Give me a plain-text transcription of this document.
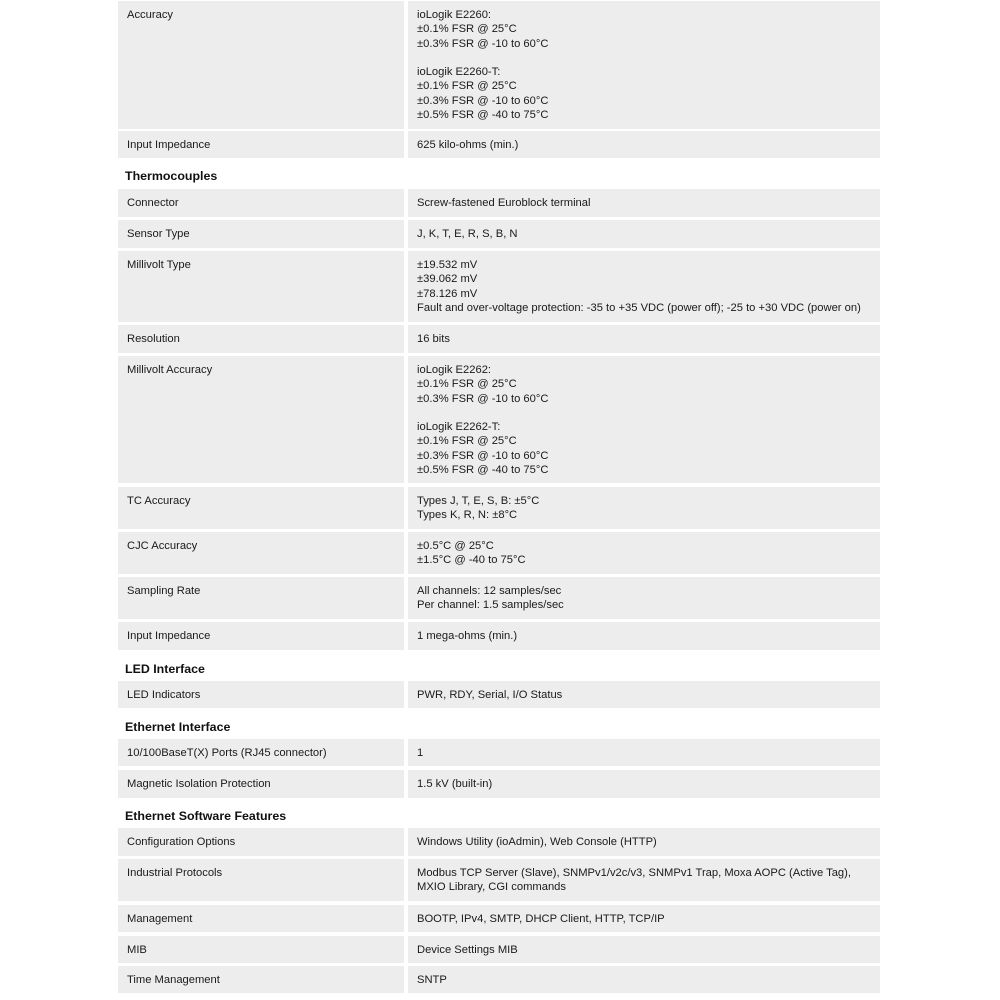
Accuracy	ioLogik E2260:
±0.1% FSR @ 25°C
±0.3% FSR @ -10 to 60°C
ioLogik E2260-T:
±0.1% FSR @ 25°C
±0.3% FSR @ -10 to 60°C
±0.5% FSR @ -40 to 75°C
Input Impedance	625 kilo-ohms (min.)
Thermocouples
Connector	Screw-fastened Euroblock terminal
Sensor Type	J, K, T, E, R, S, B, N
Millivolt Type	±19.532 mV
±39.062 mV
±78.126 mV
Fault and over-voltage protection: -35 to +35 VDC (power off); -25 to +30 VDC (power on)
Resolution	16 bits
Millivolt Accuracy	ioLogik E2262:
±0.1% FSR @ 25°C
±0.3% FSR @ -10 to 60°C
ioLogik E2262-T:
±0.1% FSR @ 25°C
±0.3% FSR @ -10 to 60°C
±0.5% FSR @ -40 to 75°C
TC Accuracy	Types J, T, E, S, B: ±5°C
Types K, R, N: ±8°C
CJC Accuracy	±0.5°C @ 25°C
±1.5°C @ -40 to 75°C
Sampling Rate	All channels: 12 samples/sec
Per channel: 1.5 samples/sec
Input Impedance	1 mega-ohms (min.)
LED Interface
LED Indicators	PWR, RDY, Serial, I/O Status
Ethernet Interface
10/100BaseT(X) Ports (RJ45 connector)	1
Magnetic Isolation Protection	1.5 kV (built-in)
Ethernet Software Features
Configuration Options	Windows Utility (ioAdmin), Web Console (HTTP)
Industrial Protocols	Modbus TCP Server (Slave), SNMPv1/v2c/v3, SNMPv1 Trap, Moxa AOPC (Active Tag),
MXIO Library, CGI commands
Management	BOOTP, IPv4, SMTP, DHCP Client, HTTP, TCP/IP
MIB	Device Settings MIB
Time Management	SNTP
